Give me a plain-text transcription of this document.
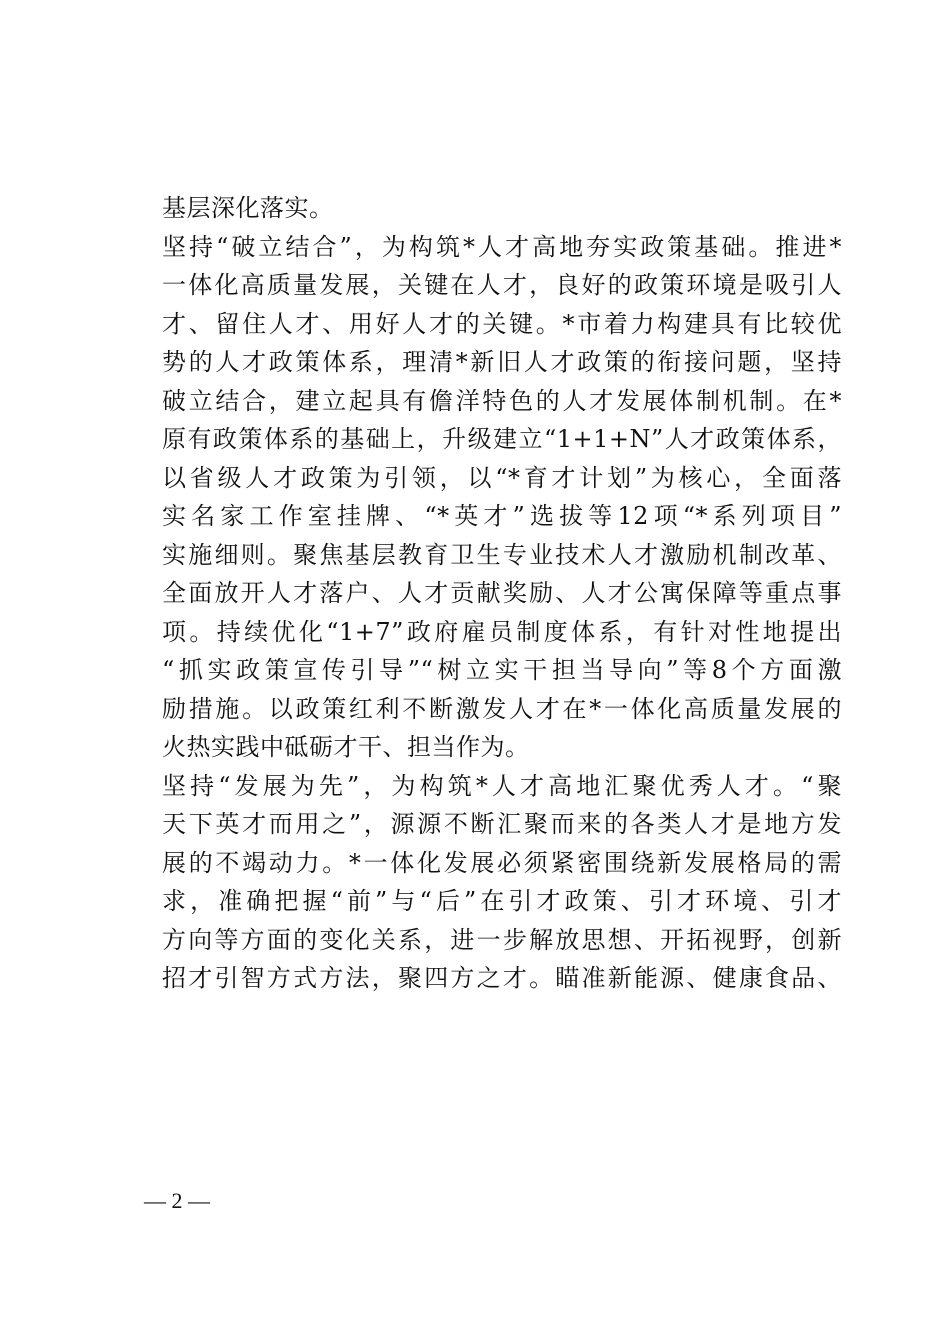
基层深化落实。
坚持“破立结合”，为构筑*人才高地夯实政策基础。推进*
一体化高质量发展，关键在人才，良好的政策环境是吸引人
才、留住人才、用好人才的关键。*市着力构建具有比较优
势的人才政策体系，理清*新旧人才政策的衔接问题，坚持
破立结合，建立起具有儋洋特色的人才发展体制机制。在*
原有政策体系的基础上，升级建立“1+1+N”人才政策体系，
以省级人才政策为引领，以“*育才计划”为核心，全面落
实名家工作室挂牌、“*英才”选拔等12项“*系列项目”
实施细则。聚焦基层教育卫生专业技术人才激励机制改革、
全面放开人才落户、人才贡献奖励、人才公寓保障等重点事
项。持续优化“1+7”政府雇员制度体系，有针对性地提出
“抓实政策宣传引导”“树立实干担当导向”等8个方面激
励措施。以政策红利不断激发人才在*一体化高质量发展的
火热实践中砥砺才干、担当作为。
坚持“发展为先”，为构筑*人才高地汇聚优秀人才。“聚
天下英才而用之”，源源不断汇聚而来的各类人才是地方发
展的不竭动力。*一体化发展必须紧密围绕新发展格局的需
求，准确把握“前”与“后”在引才政策、引才环境、引才
方向等方面的变化关系，进一步解放思想、开拓视野，创新
招才引智方式方法，聚四方之才。瞄准新能源、健康食品、
— 2 —
